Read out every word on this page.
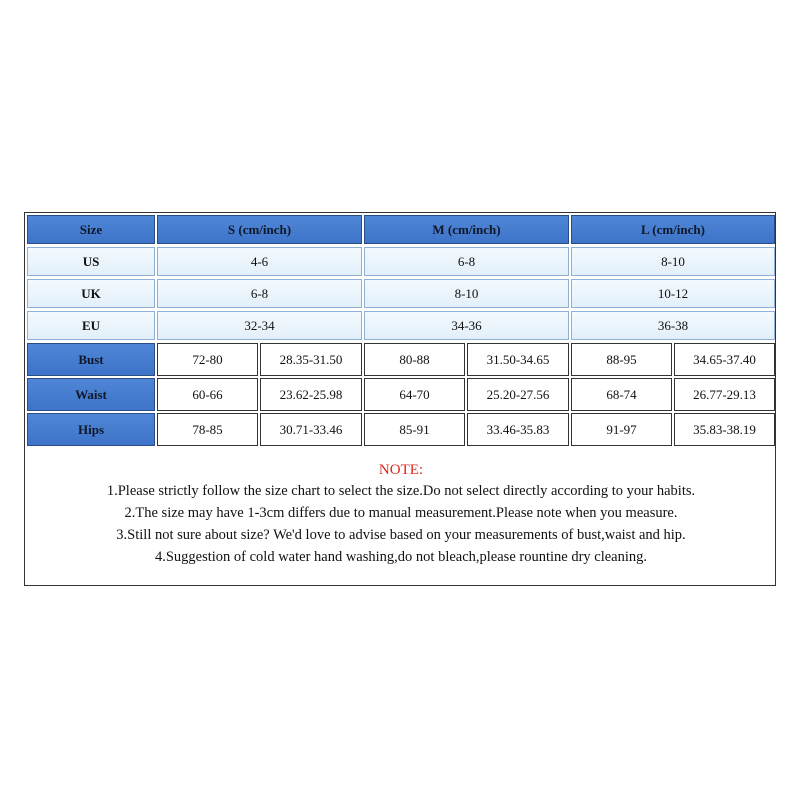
Size	S (cm/inch)	M (cm/inch)	L (cm/inch)
US	4-6	6-8	8-10
UK	6-8	8-10	10-12
EU	32-34	34-36	36-38
Bust	72-80	28.35-31.50	80-88	31.50-34.65	88-95	34.65-37.40
Waist	60-66	23.62-25.98	64-70	25.20-27.56	68-74	26.77-29.13
Hips	78-85	30.71-33.46	85-91	33.46-35.83	91-97	35.83-38.19
NOTE:
1.Please strictly follow the size chart to select the size.Do not select directly according to your habits.
2.The size may have 1-3cm differs due to manual measurement.Please note when you measure.
3.Still not sure about size? We'd love to advise based on your measurements of bust,waist and hip.
4.Suggestion of cold water hand washing,do not bleach,please rountine dry cleaning.
